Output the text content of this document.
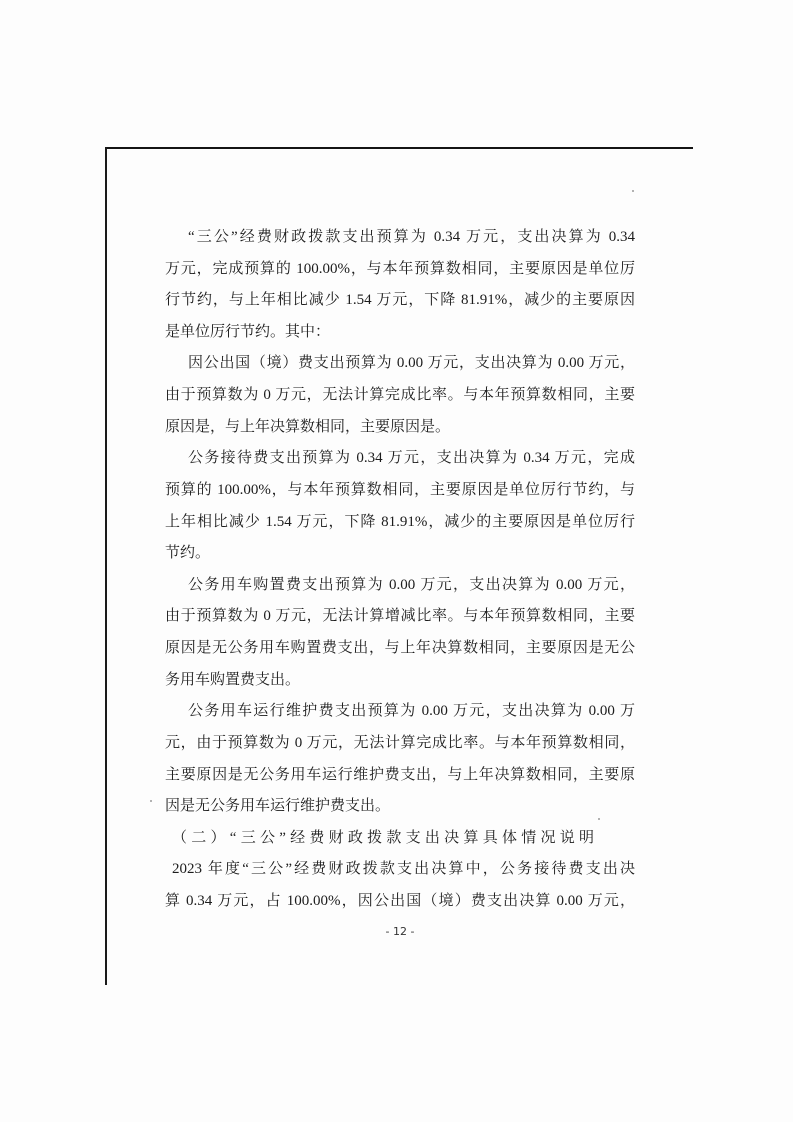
“三公”经费财政拨款支出预算为 0.34 万元，支出决算为 0.34
万元，完成预算的 100.00%，与本年预算数相同，主要原因是单位厉
行节约，与上年相比减少 1.54 万元，下降 81.91%，减少的主要原因
是单位厉行节约。其中：
因公出国（境）费支出预算为 0.00 万元，支出决算为 0.00 万元，
由于预算数为 0 万元，无法计算完成比率。与本年预算数相同，主要
原因是，与上年决算数相同，主要原因是。
公务接待费支出预算为 0.34 万元，支出决算为 0.34 万元，完成
预算的 100.00%，与本年预算数相同，主要原因是单位厉行节约，与
上年相比减少 1.54 万元，下降 81.91%，减少的主要原因是单位厉行
节约。
公务用车购置费支出预算为 0.00 万元，支出决算为 0.00 万元，
由于预算数为 0 万元，无法计算增减比率。与本年预算数相同，主要
原因是无公务用车购置费支出，与上年决算数相同，主要原因是无公
务用车购置费支出。
公务用车运行维护费支出预算为 0.00 万元，支出决算为 0.00 万
元，由于预算数为 0 万元，无法计算完成比率。与本年预算数相同，
主要原因是无公务用车运行维护费支出，与上年决算数相同，主要原
因是无公务用车运行维护费支出。
（二）“三公”经费财政拨款支出决算具体情况说明
2023 年度“三公”经费财政拨款支出决算中，公务接待费支出决
算 0.34 万元，占 100.00%，因公出国（境）费支出决算 0.00 万元，
- 12 -
